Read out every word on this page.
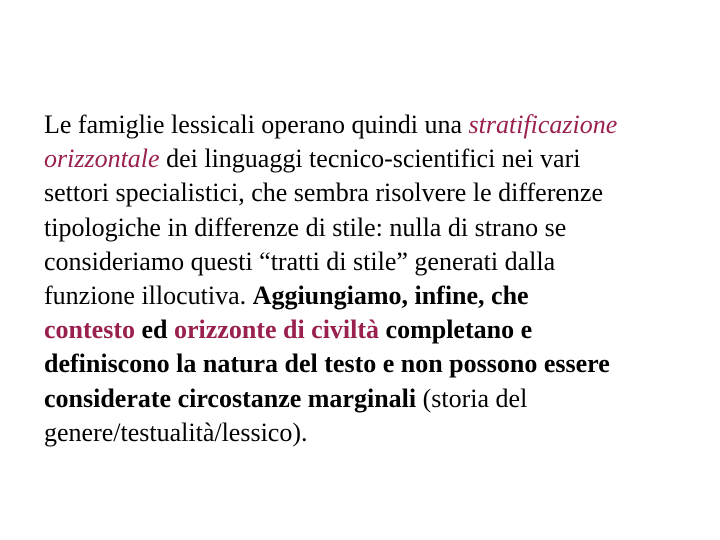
Le famiglie lessicali operano quindi una stratificazione
orizzontale dei linguaggi tecnico-scientifici nei vari
settori specialistici, che sembra risolvere le differenze
tipologiche in differenze di stile: nulla di strano se
consideriamo questi “tratti di stile” generati dalla
funzione illocutiva. Aggiungiamo, infine, che
contesto ed orizzonte di civiltà completano e
definiscono la natura del testo e non possono essere
considerate circostanze marginali (storia del
genere/testualità/lessico).
